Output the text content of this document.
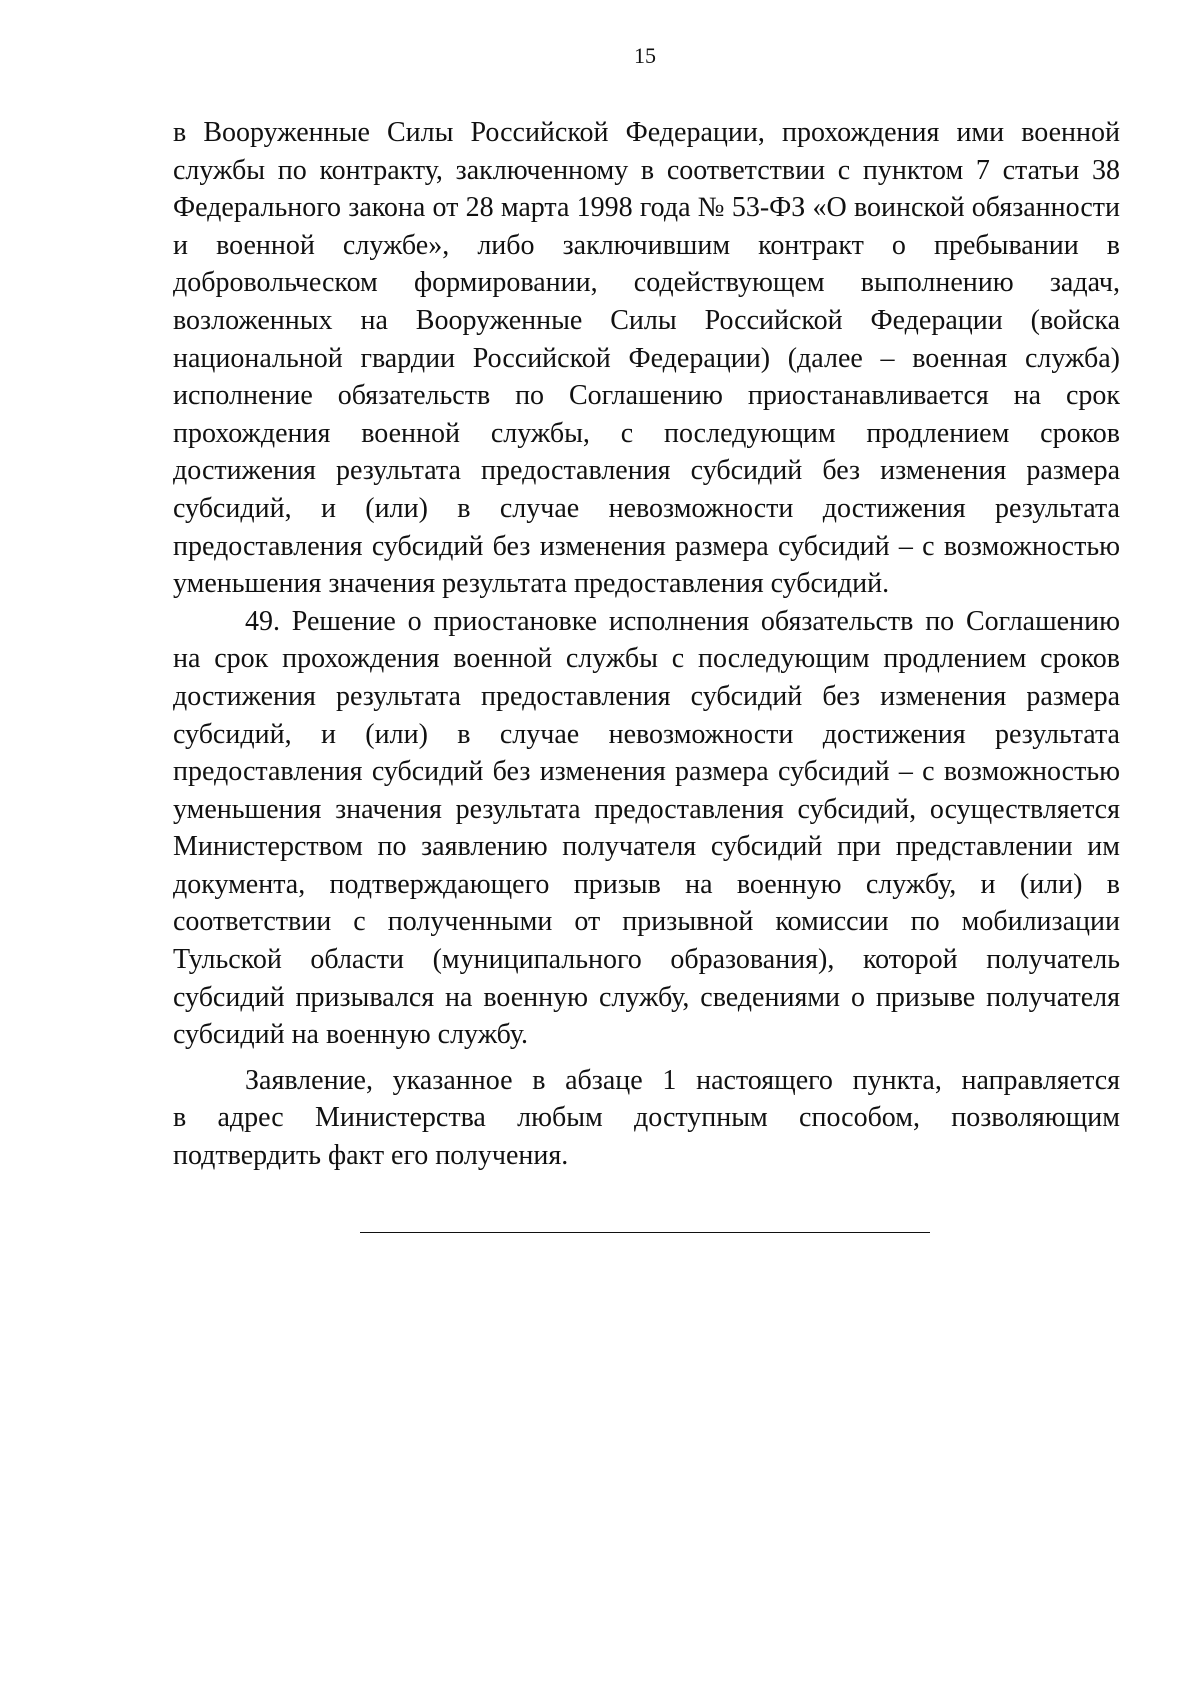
15
в Вооруженные Силы Российской Федерации, прохождения ими военной
службы по контракту, заключенному в соответствии с пунктом 7 статьи 38
Федерального закона от 28 марта 1998 года № 53-ФЗ «О воинской обязанности
и военной службе», либо заключившим контракт о пребывании в
добровольческом формировании, содействующем выполнению задач,
возложенных на Вооруженные Силы Российской Федерации (войска
национальной гвардии Российской Федерации) (далее – военная служба)
исполнение обязательств по Соглашению приостанавливается на срок
прохождения военной службы, с последующим продлением сроков
достижения результата предоставления субсидий без изменения размера
субсидий, и (или) в случае невозможности достижения результата
предоставления субсидий без изменения размера субсидий – с возможностью
уменьшения значения результата предоставления субсидий.
49. Решение о приостановке исполнения обязательств по Соглашению
на срок прохождения военной службы с последующим продлением сроков
достижения результата предоставления субсидий без изменения размера
субсидий, и (или) в случае невозможности достижения результата
предоставления субсидий без изменения размера субсидий – с возможностью
уменьшения значения результата предоставления субсидий, осуществляется
Министерством по заявлению получателя субсидий при представлении им
документа, подтверждающего призыв на военную службу, и (или) в
соответствии с полученными от призывной комиссии по мобилизации
Тульской области (муниципального образования), которой получатель
субсидий призывался на военную службу, сведениями о призыве получателя
субсидий на военную службу.
Заявление, указанное в абзаце 1 настоящего пункта, направляется
в адрес Министерства любым доступным способом, позволяющим
подтвердить факт его получения.
